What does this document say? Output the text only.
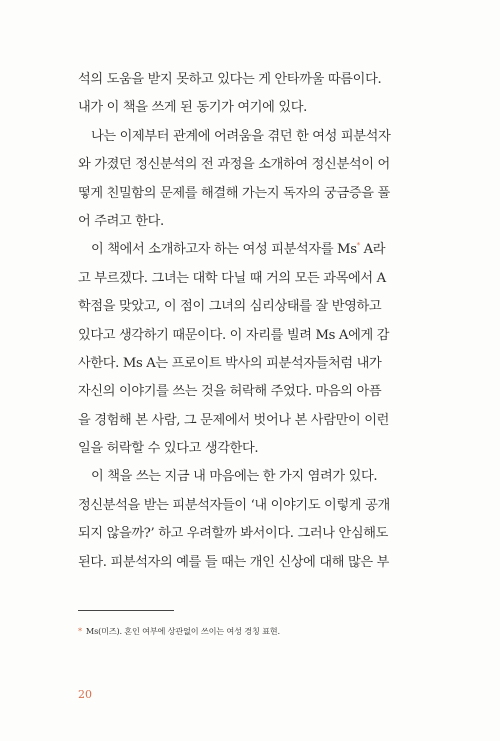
석의 도움을 받지 못하고 있다는 게 안타까울 따름이다.
내가 이 책을 쓰게 된 동기가 여기에 있다.
나는 이제부터 관계에 어려움을 겪던 한 여성 피분석자
와 가졌던 정신분석의 전 과정을 소개하여 정신분석이 어
떻게 친밀함의 문제를 해결해 가는지 독자의 궁금증을 풀
어 주려고 한다.
이 책에서 소개하고자 하는 여성 피분석자를 Ms* A라
고 부르겠다. 그녀는 대학 다닐 때 거의 모든 과목에서 A
학점을 맞았고, 이 점이 그녀의 심리상태를 잘 반영하고
있다고 생각하기 때문이다. 이 자리를 빌려 Ms A에게 감
사한다. Ms A는 프로이트 박사의 피분석자들처럼 내가
자신의 이야기를 쓰는 것을 허락해 주었다. 마음의 아픔
을 경험해 본 사람, 그 문제에서 벗어나 본 사람만이 이런
일을 허락할 수 있다고 생각한다.
이 책을 쓰는 지금 내 마음에는 한 가지 염려가 있다.
정신분석을 받는 피분석자들이 ‘내 이야기도 이렇게 공개
되지 않을까?’ 하고 우려할까 봐서이다. 그러나 안심해도
된다. 피분석자의 예를 들 때는 개인 신상에 대해 많은 부
* Ms(미즈). 혼인 여부에 상관없이 쓰이는 여성 경칭 표현.
20
